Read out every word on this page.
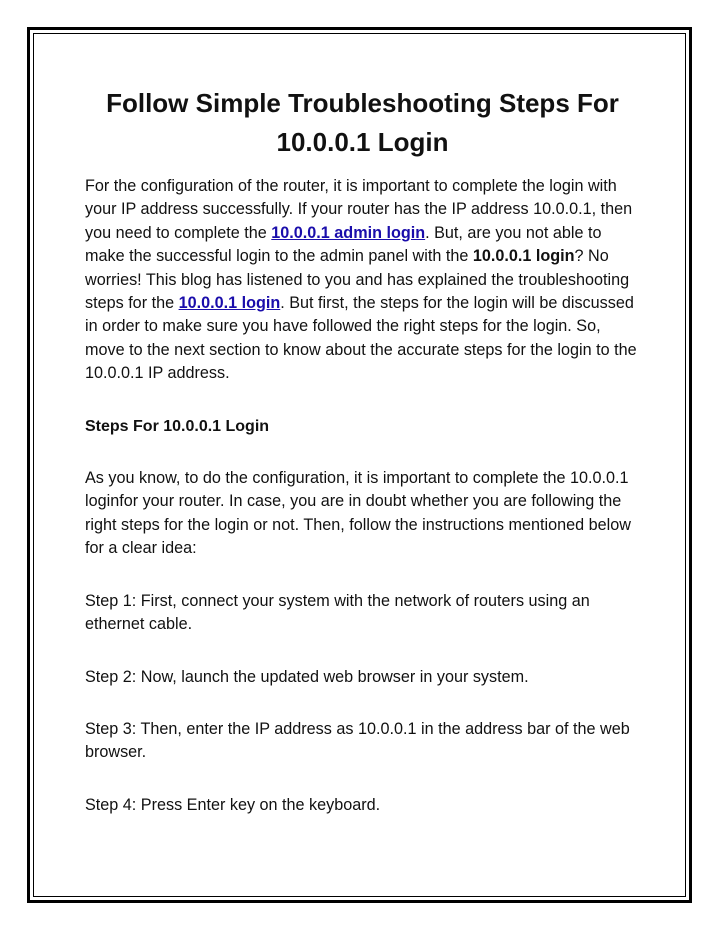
Follow Simple Troubleshooting Steps For 10.0.0.1 Login

For the configuration of the router, it is important to complete the login with your IP address successfully. If your router has the IP address 10.0.0.1, then you need to complete the 10.0.0.1 admin login. But, are you not able to make the successful login to the admin panel with the 10.0.0.1 login? No worries! This blog has listened to you and has explained the troubleshooting steps for the 10.0.0.1 login. But first, the steps for the login will be discussed in order to make sure you have followed the right steps for the login. So, move to the next section to know about the accurate steps for the login to the 10.0.0.1 IP address.

Steps For 10.0.0.1 Login

As you know, to do the configuration, it is important to complete the 10.0.0.1 loginfor your router. In case, you are in doubt whether you are following the right steps for the login or not. Then, follow the instructions mentioned below for a clear idea:

Step 1: First, connect your system with the network of routers using an ethernet cable.

Step 2: Now, launch the updated web browser in your system.

Step 3: Then, enter the IP address as 10.0.0.1 in the address bar of the web browser.

Step 4: Press Enter key on the keyboard.
